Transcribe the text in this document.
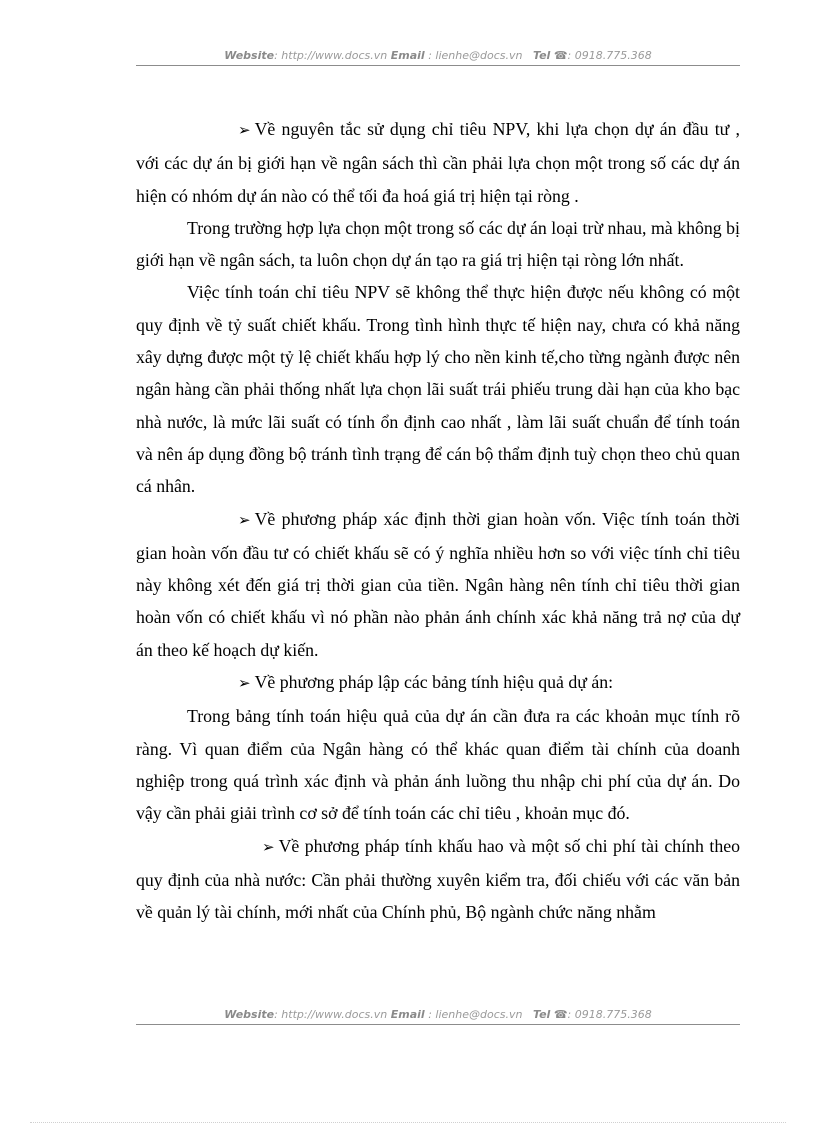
Website: http://www.docs.vn Email : lienhe@docs.vn Tel ☎: 0918.775.368

➢ Về nguyên tắc sử dụng chỉ tiêu NPV, khi lựa chọn dự án đầu tư , với các dự án bị giới hạn về ngân sách thì cần phải lựa chọn một trong số các dự án hiện có nhóm dự án nào có thể tối đa hoá giá trị hiện tại ròng .

Trong trường hợp lựa chọn một trong số các dự án loại trừ nhau, mà không bị giới hạn về ngân sách, ta luôn chọn dự án tạo ra giá trị hiện tại ròng lớn nhất.

Việc tính toán chỉ tiêu NPV sẽ không thể thực hiện được nếu không có một quy định về tỷ suất chiết khấu. Trong tình hình thực tế hiện nay, chưa có khả năng xây dựng được một tỷ lệ chiết khấu hợp lý cho nền kinh tế,cho từng ngành được nên ngân hàng cần phải thống nhất lựa chọn lãi suất trái phiếu trung dài hạn của kho bạc nhà nước, là mức lãi suất có tính ổn định cao nhất , làm lãi suất chuẩn để tính toán và nên áp dụng đồng bộ tránh tình trạng để cán bộ thẩm định tuỳ chọn theo chủ quan cá nhân.

➢ Về phương pháp xác định thời gian hoàn vốn. Việc tính toán thời gian hoàn vốn đầu tư có chiết khấu sẽ có ý nghĩa nhiều hơn so với việc tính chỉ tiêu này không xét đến giá trị thời gian của tiền. Ngân hàng nên tính chỉ tiêu thời gian hoàn vốn có chiết khấu vì nó phần nào phản ánh chính xác khả năng trả nợ của dự án theo kế hoạch dự kiến.

➢ Về phương pháp lập các bảng tính hiệu quả dự án:

Trong bảng tính toán hiệu quả của dự án cần đưa ra các khoản mục tính rõ ràng. Vì quan điểm của Ngân hàng có thể khác quan điểm tài chính của doanh nghiệp trong quá trình xác định và phản ánh luồng thu nhập chi phí của dự án. Do vậy cần phải giải trình cơ sở để tính toán các chỉ tiêu , khoản mục đó.

➢ Về phương pháp tính khấu hao và một số chi phí tài chính theo quy định của nhà nước: Cần phải thường xuyên kiểm tra, đối chiếu với các văn bản về quản lý tài chính, mới nhất của Chính phủ, Bộ ngành chức năng nhằm

Website: http://www.docs.vn Email : lienhe@docs.vn Tel ☎: 0918.775.368
